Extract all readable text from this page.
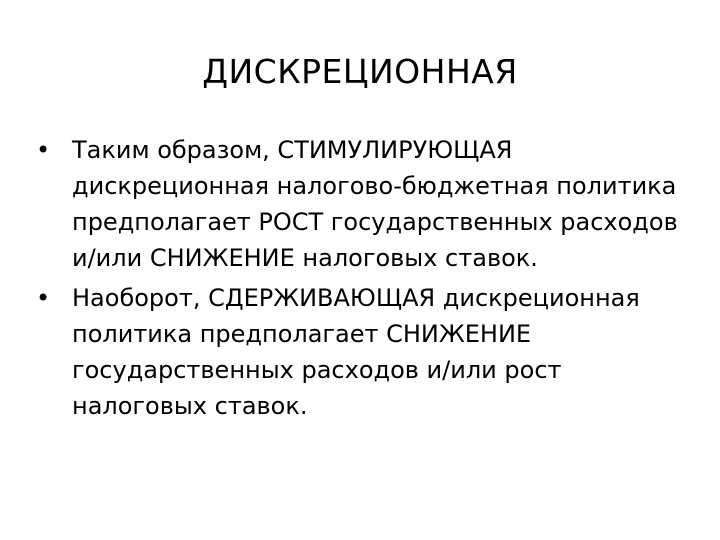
ДИСКРЕЦИОННАЯ
• Таким образом, СТИМУЛИРУЮЩАЯ дискреционная налогово-бюджетная политика предполагает РОСТ государственных расходов и/или СНИЖЕНИЕ налоговых ставок.
• Наоборот, СДЕРЖИВАЮЩАЯ дискреционная политика предполагает СНИЖЕНИЕ государственных расходов и/или рост налоговых ставок.
